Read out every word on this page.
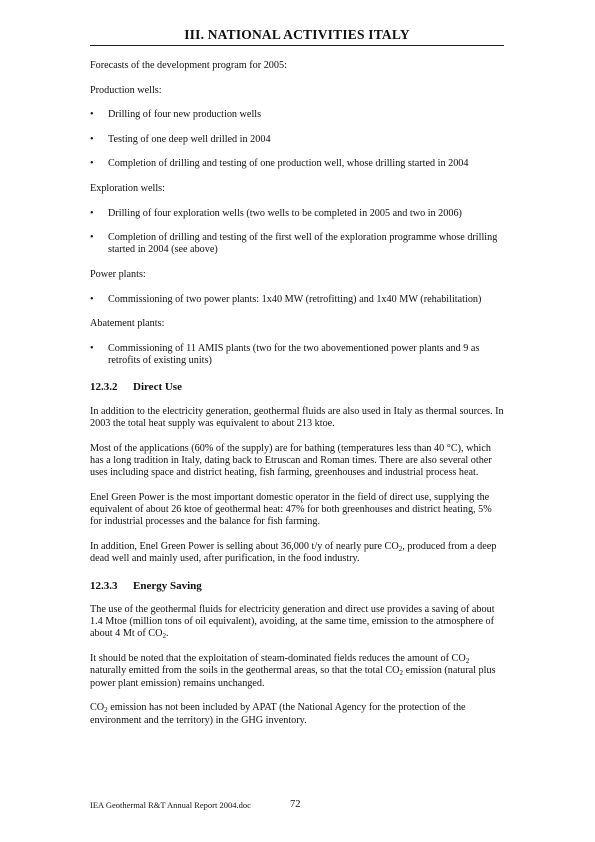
III. NATIONAL ACTIVITIES ITALY

Forecasts of the development program for 2005:

Production wells:

• Drilling of four new production wells
• Testing of one deep well drilled in 2004
• Completion of drilling and testing of one production well, whose drilling started in 2004

Exploration wells:

• Drilling of four exploration wells (two wells to be completed in 2005 and two in 2006)
• Completion of drilling and testing of the first well of the exploration programme whose drilling started in 2004 (see above)

Power plants:

• Commissioning of two power plants: 1x40 MW (retrofitting) and 1x40 MW (rehabilitation)

Abatement plants:

• Commissioning of 11 AMIS plants (two for the two abovementioned power plants and 9 as retrofits of existing units)
12.3.2 Direct Use

In addition to the electricity generation, geothermal fluids are also used in Italy as thermal sources. In 2003 the total heat supply was equivalent to about 213 ktoe.

Most of the applications (60% of the supply) are for bathing (temperatures less than 40 °C), which has a long tradition in Italy, dating back to Etruscan and Roman times. There are also several other uses including space and district heating, fish farming, greenhouses and industrial process heat.

Enel Green Power is the most important domestic operator in the field of direct use, supplying the equivalent of about 26 ktoe of geothermal heat: 47% for both greenhouses and district heating, 5% for industrial processes and the balance for fish farming.

In addition, Enel Green Power is selling about 36,000 t/y of nearly pure $CO_2$, produced from a deep dead well and mainly used, after purification, in the food industry.

12.3.3 Energy Saving

The use of the geothermal fluids for electricity generation and direct use provides a saving of about 1.4 Mtoe (million tons of oil equivalent), avoiding, at the same time, emission to the atmosphere of about 4 Mt of $CO_2$.

It should be noted that the exploitation of steam-dominated fields reduces the amount of $CO_2$ naturally emitted from the soils in the geothermal areas, so that the total $CO_2$ emission (natural plus power plant emission) remains unchanged.

$CO_2$ emission has not been included by APAT (the National Agency for the protection of the environment and the territory) in the GHG inventory.

IEA Geothermal R&T Annual Report 2004.doc	72
